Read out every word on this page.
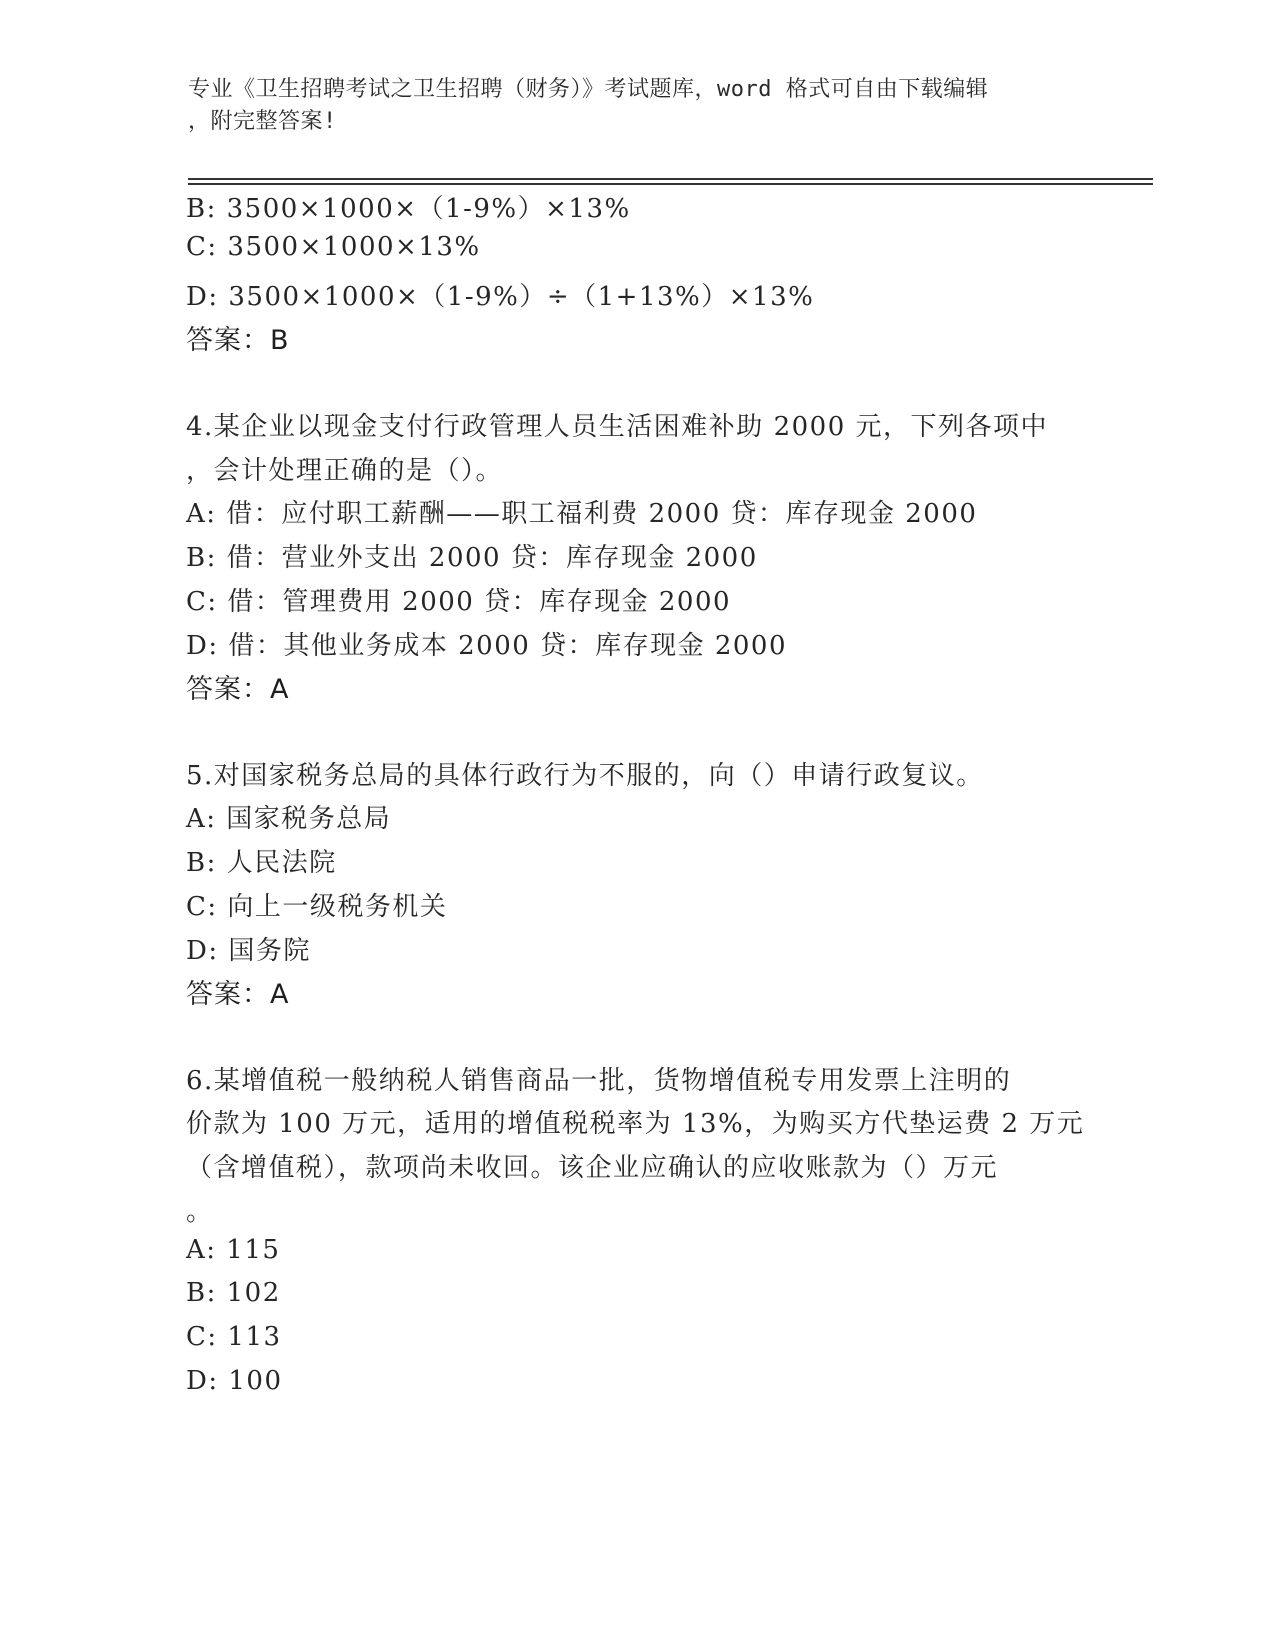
专业《卫生招聘考试之卫生招聘（财务）》考试题库，word 格式可自由下载编辑
，附完整答案!
B: 3500×1000×（1-9%）×13%
C: 3500×1000×13%
D: 3500×1000×（1-9%）÷（1+13%）×13%
答案：B
4.某企业以现金支付行政管理人员生活困难补助 2000 元，下列各项中
，会计处理正确的是（）。
A: 借：应付职工薪酬——职工福利费 2000 贷：库存现金 2000
B: 借：营业外支出 2000 贷：库存现金 2000
C: 借：管理费用 2000 贷：库存现金 2000
D: 借：其他业务成本 2000 贷：库存现金 2000
答案：A
5.对国家税务总局的具体行政行为不服的，向（）申请行政复议。
A: 国家税务总局
B: 人民法院
C: 向上一级税务机关
D: 国务院
答案：A
6.某增值税一般纳税人销售商品一批，货物增值税专用发票上注明的
价款为 100 万元，适用的增值税税率为 13%，为购买方代垫运费 2 万元
（含增值税），款项尚未收回。该企业应确认的应收账款为（）万元
。
A: 115
B: 102
C: 113
D: 100
